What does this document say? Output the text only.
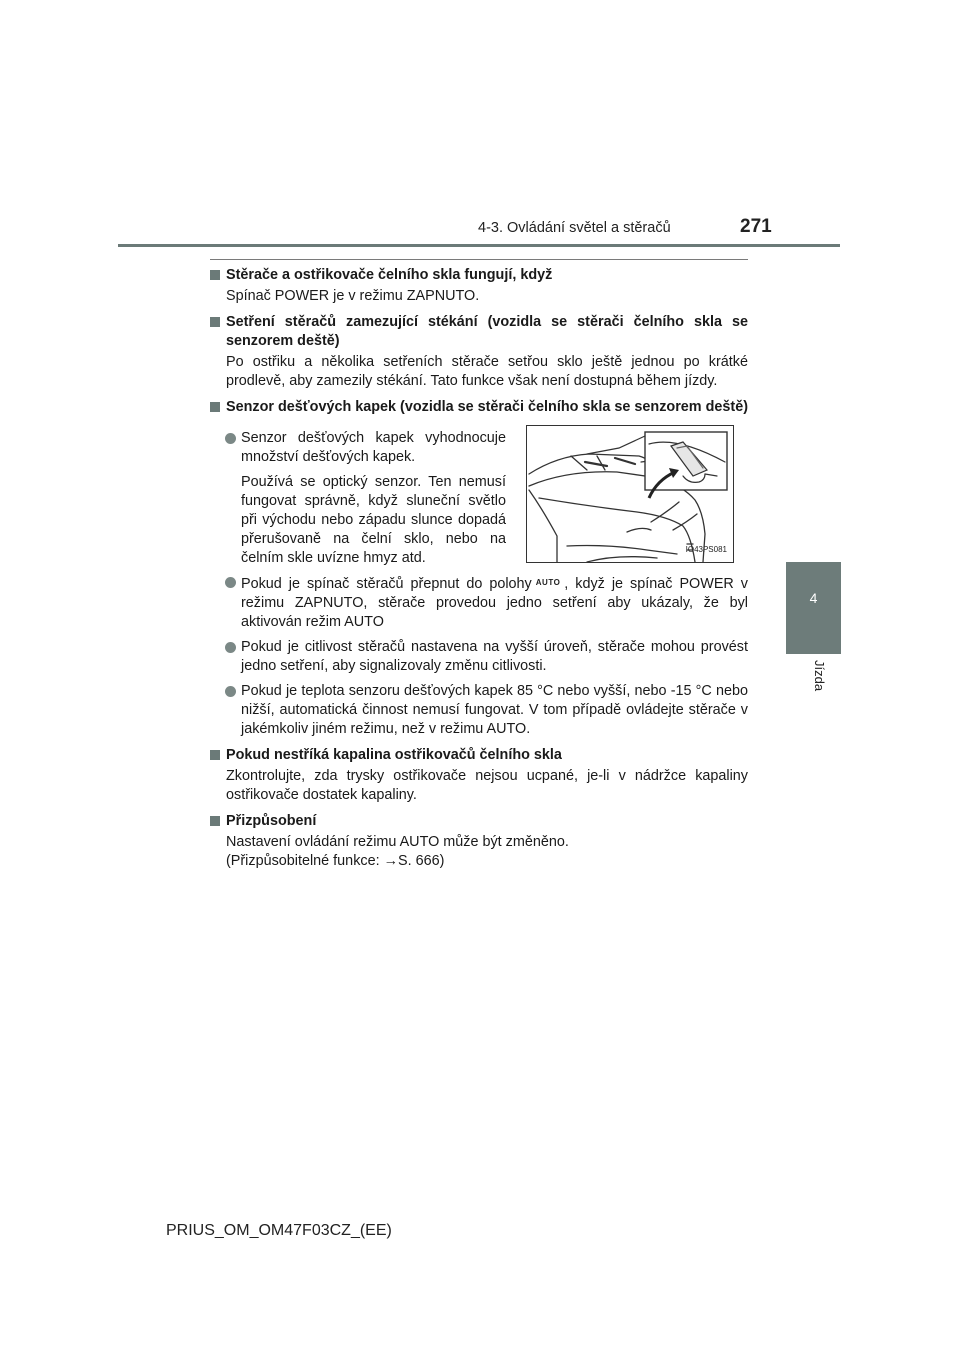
4-3. Ovládání světel a stěračů	271
4
Jízda
Stěrače a ostřikovače čelního skla fungují, když
Spínač POWER je v režimu ZAPNUTO.
Setření stěračů zamezující stékání (vozidla se stěrači čelního skla se senzorem deště)
Po ostřiku a několika setřeních stěrače setřou sklo ještě jednou po krátké prodlevě, aby zamezily stékání. Tato funkce však není dostupná během jízdy.
Senzor dešťových kapek (vozidla se stěrači čelního skla se senzorem deště)
Senzor dešťových kapek vyhodnocuje množství dešťových kapek.
Používá se optický senzor. Ten nemusí fungovat správně, když sluneční světlo při východu nebo západu slunce dopadá přerušovaně na čelní sklo, nebo na čelním skle uvízne hmyz atd.
IO43PS081
Pokud je spínač stěračů přepnut do polohy AUTO , když je spínač POWER v režimu ZAPNUTO, stěrače provedou jedno setření aby ukázaly, že byl aktivován režim AUTO
Pokud je citlivost stěračů nastavena na vyšší úroveň, stěrače mohou provést jedno setření, aby signalizovaly změnu citlivosti.
Pokud je teplota senzoru dešťových kapek 85 °C nebo vyšší, nebo -15 °C nebo nižší, automatická činnost nemusí fungovat. V tom případě ovládejte stěrače v jakémkoliv jiném režimu, než v režimu AUTO.
Pokud nestříká kapalina ostřikovačů čelního skla
Zkontrolujte, zda trysky ostřikovače nejsou ucpané, je-li v nádržce kapaliny ostřikovače dostatek kapaliny.
Přizpůsobení
Nastavení ovládání režimu AUTO může být změněno.
(Přizpůsobitelné funkce: →S. 666)
PRIUS_OM_OM47F03CZ_(EE)
